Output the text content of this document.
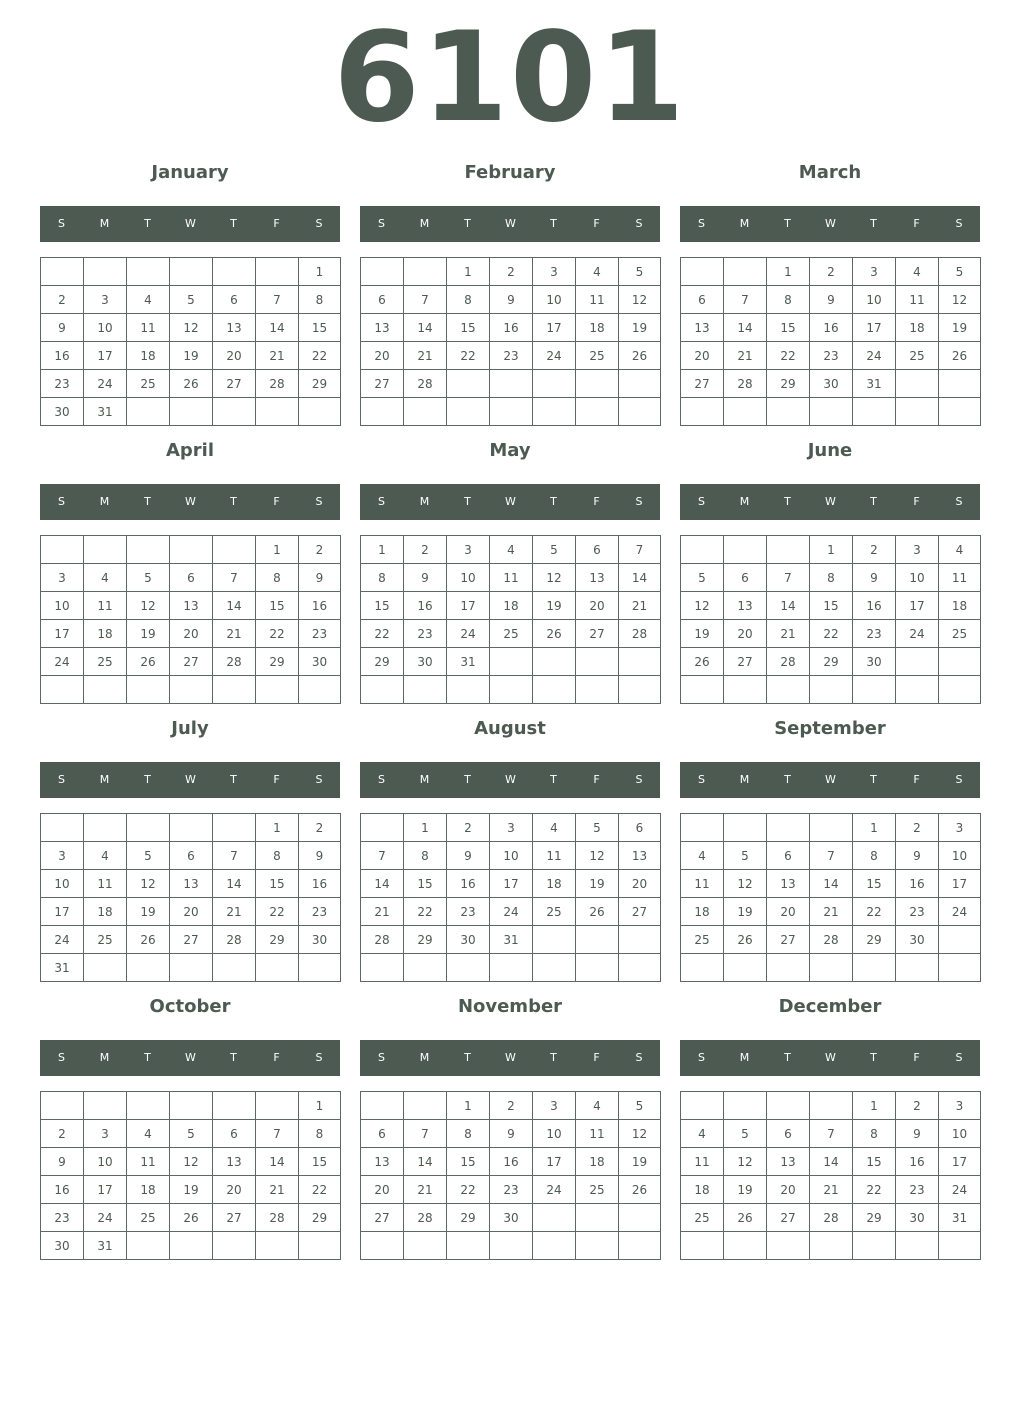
6101
January
S	M	T	W	T	F	S
						1
2	3	4	5	6	7	8
9	10	11	12	13	14	15
16	17	18	19	20	21	22
23	24	25	26	27	28	29
30	31					
February
S	M	T	W	T	F	S
		1	2	3	4	5
6	7	8	9	10	11	12
13	14	15	16	17	18	19
20	21	22	23	24	25	26
27	28					

March
S	M	T	W	T	F	S
		1	2	3	4	5
6	7	8	9	10	11	12
13	14	15	16	17	18	19
20	21	22	23	24	25	26
27	28	29	30	31		

April
S	M	T	W	T	F	S
					1	2
3	4	5	6	7	8	9
10	11	12	13	14	15	16
17	18	19	20	21	22	23
24	25	26	27	28	29	30

May
S	M	T	W	T	F	S
1	2	3	4	5	6	7
8	9	10	11	12	13	14
15	16	17	18	19	20	21
22	23	24	25	26	27	28
29	30	31				

June
S	M	T	W	T	F	S
			1	2	3	4
5	6	7	8	9	10	11
12	13	14	15	16	17	18
19	20	21	22	23	24	25
26	27	28	29	30		

July
S	M	T	W	T	F	S
					1	2
3	4	5	6	7	8	9
10	11	12	13	14	15	16
17	18	19	20	21	22	23
24	25	26	27	28	29	30
31						
August
S	M	T	W	T	F	S
	1	2	3	4	5	6
7	8	9	10	11	12	13
14	15	16	17	18	19	20
21	22	23	24	25	26	27
28	29	30	31			

September
S	M	T	W	T	F	S
				1	2	3
4	5	6	7	8	9	10
11	12	13	14	15	16	17
18	19	20	21	22	23	24
25	26	27	28	29	30	

October
S	M	T	W	T	F	S
						1
2	3	4	5	6	7	8
9	10	11	12	13	14	15
16	17	18	19	20	21	22
23	24	25	26	27	28	29
30	31					
November
S	M	T	W	T	F	S
		1	2	3	4	5
6	7	8	9	10	11	12
13	14	15	16	17	18	19
20	21	22	23	24	25	26
27	28	29	30			

December
S	M	T	W	T	F	S
				1	2	3
4	5	6	7	8	9	10
11	12	13	14	15	16	17
18	19	20	21	22	23	24
25	26	27	28	29	30	31
